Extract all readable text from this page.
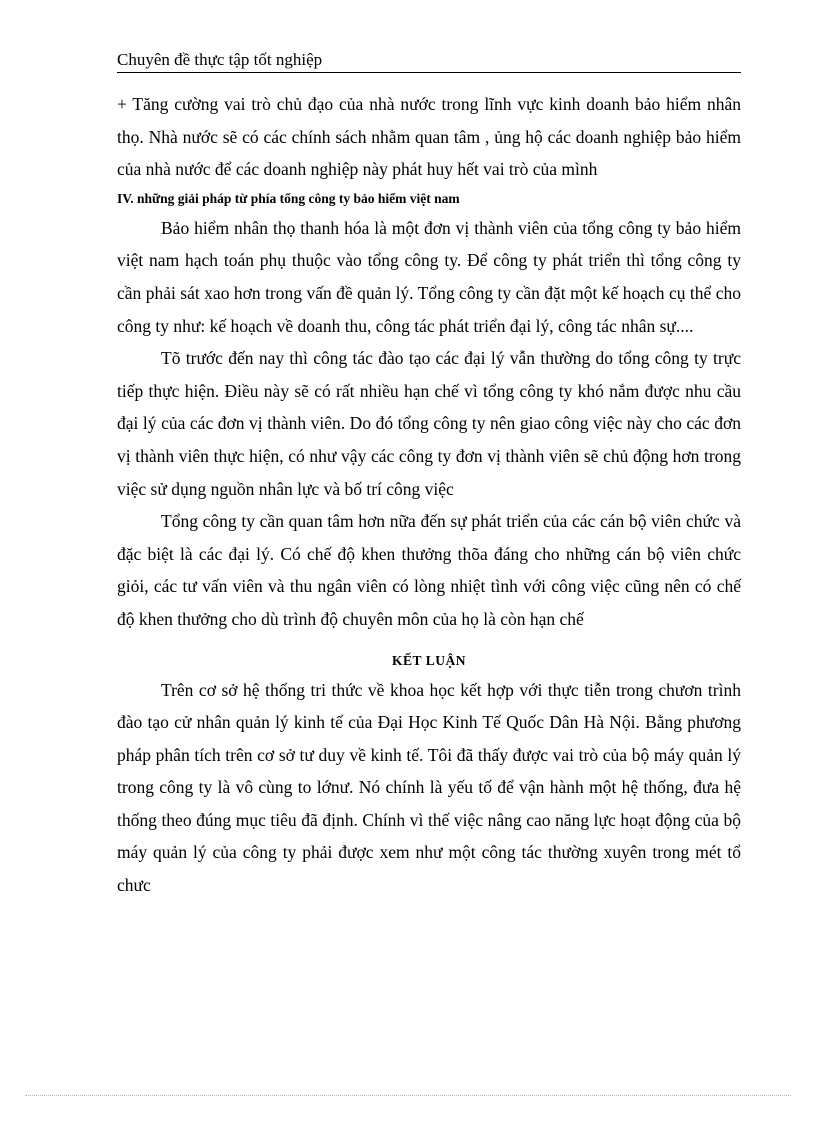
Chuyên đề thực tập tốt nghiệp

+ Tăng cường vai trò chủ đạo của nhà nước trong lĩnh vực kinh doanh bảo hiểm nhân thọ. Nhà nước sẽ có các chính sách nhằm quan tâm , ủng hộ các doanh nghiệp bảo hiểm của nhà nước để các doanh nghiệp này phát huy hết vai trò của mình

IV. những giải pháp từ phía tổng công ty bảo hiểm việt nam

Bảo hiểm nhân thọ thanh hóa là một đơn vị thành viên của tổng công ty bảo hiểm việt nam hạch toán phụ thuộc vào tổng công ty. Để công ty phát triển thì tổng công ty cần phải sát xao hơn trong vấn đề quản lý. Tổng công ty cần đặt một kế hoạch cụ thể cho công ty như: kế hoạch về doanh thu, công tác phát triển đại lý, công tác nhân sự....

Tõ trước đến nay thì công tác đào tạo các đại lý vẫn thường do tổng công ty trực tiếp thực hiện. Điều này sẽ có rất nhiều hạn chế vì tổng công ty khó nắm được nhu cầu đại lý của các đơn vị thành viên. Do đó tổng công ty nên giao công việc này cho các đơn vị thành viên thực hiện, có như vậy các công ty đơn vị thành viên sẽ chủ động hơn trong việc sử dụng nguồn nhân lực và bố trí công việc

Tổng công ty cần quan tâm hơn nữa đến sự phát triển của các cán bộ viên chức và đặc biệt là các đại lý. Có chế độ khen thưởng thõa đáng cho những cán bộ viên chức giỏi, các tư vấn viên và thu ngân viên có lòng nhiệt tình với công việc cũng nên có chế độ khen thưởng cho dù trình độ chuyên môn của họ là còn hạn chế

KẾT LUẬN

Trên cơ sở hệ thống tri thức về khoa học kết hợp với thực tiễn trong chươn trình đào tạo cử nhân quản lý kinh tế của Đại Học Kinh Tế Quốc Dân Hà Nội. Bằng phương pháp phân tích trên cơ sở tư duy về kinh tế. Tôi đã thấy được vai trò của bộ máy quản lý trong công ty là vô cùng to lớnư. Nó chính là yếu tố để vận hành một hệ thống, đưa hệ thống theo đúng mục tiêu đã định. Chính vì thế việc nâng cao năng lực hoạt động của bộ máy quản lý của công ty phải được xem như một công tác thường xuyên trong mét tổ chưc
